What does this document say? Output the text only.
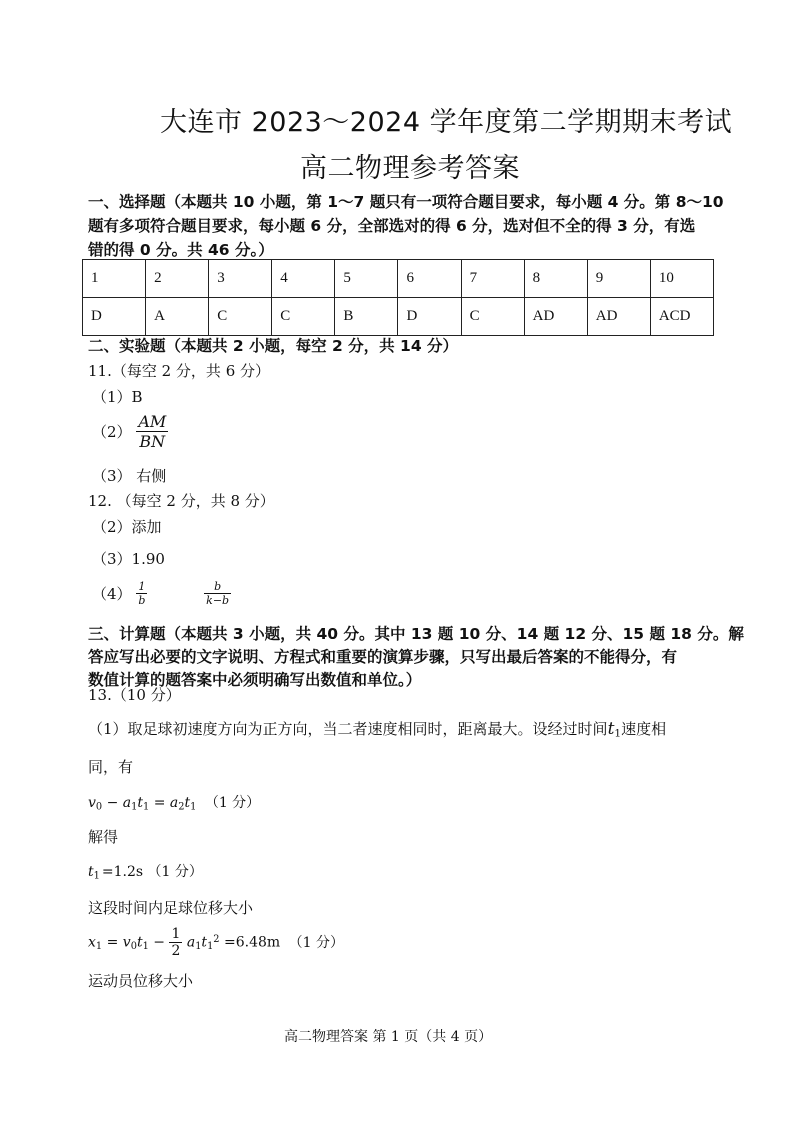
大连市 2023～2024 学年度第二学期期末考试
高二物理参考答案
一、选择题（本题共 10 小题，第 1～7 题只有一项符合题目要求，每小题 4 分。第 8～10
题有多项符合题目要求，每小题 6 分，全部选对的得 6 分，选对但不全的得 3 分，有选
错的得 0 分。共 46 分。）
1	2	3	4	5	6	7	8	9	10
D	A	C	C	B	D	C	AD	AD	ACD
二、实验题（本题共 2 小题，每空 2 分，共 14 分）
11.（每空 2 分，共 6 分）
（1）B
$(2) \frac{AM}{BN}$
（3） 右侧
12. （每空 2 分，共 8 分）
（2）添加
（3）1.90
$(4) \frac{1}{b}$
	$\frac{b}{k-b}$
三、计算题（本题共 3 小题，共 40 分。其中 13 题 10 分、14 题 12 分、15 题 18 分。解
答应写出必要的文字说明、方程式和重要的演算步骤，只写出最后答案的不能得分，有
数值计算的题答案中必须明确写出数值和单位。）
13.（10 分）
（1）取足球初速度方向为正方向，当二者速度相同时，距离最大。设经过时间$t_1$速度相
同，有
$v_0 - a_1t_1 = a_2t_1$ （1 分）
解得
$t_1 =1.2s$ （1 分）
这段时间内足球位移大小
$x_1 = v_0t_1 - \frac{1}{2} a_1t_1^2 =6.48m$ （1 分）
运动员位移大小
高二物理答案 第 1 页（共 4 页）
